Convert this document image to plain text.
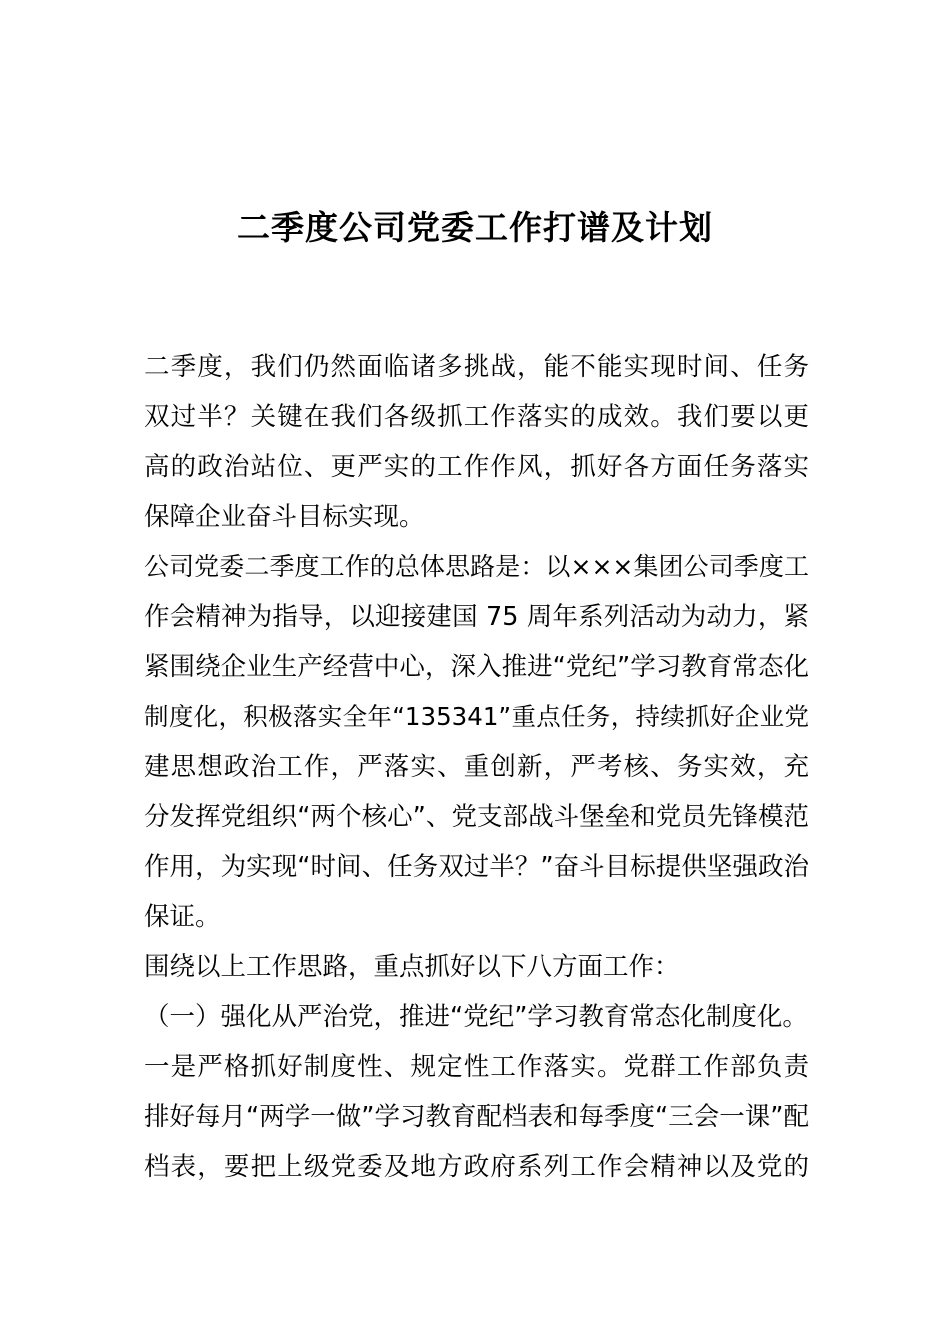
二季度公司党委工作打谱及计划
二季度，我们仍然面临诸多挑战，能不能实现时间、任务
双过半？关键在我们各级抓工作落实的成效。我们要以更
高的政治站位、更严实的工作作风，抓好各方面任务落实
保障企业奋斗目标实现。
公司党委二季度工作的总体思路是：以×××集团公司季度工
作会精神为指导，以迎接建国 75 周年系列活动为动力，紧
紧围绕企业生产经营中心，深入推进“党纪”学习教育常态化
制度化，积极落实全年“135341”重点任务，持续抓好企业党
建思想政治工作，严落实、重创新，严考核、务实效，充
分发挥党组织“两个核心”、党支部战斗堡垒和党员先锋模范
作用，为实现“时间、任务双过半？”奋斗目标提供坚强政治
保证。
围绕以上工作思路，重点抓好以下八方面工作：
（一）强化从严治党，推进“党纪”学习教育常态化制度化。
一是严格抓好制度性、规定性工作落实。党群工作部负责
排好每月“两学一做”学习教育配档表和每季度“三会一课”配
档表，要把上级党委及地方政府系列工作会精神以及党的
